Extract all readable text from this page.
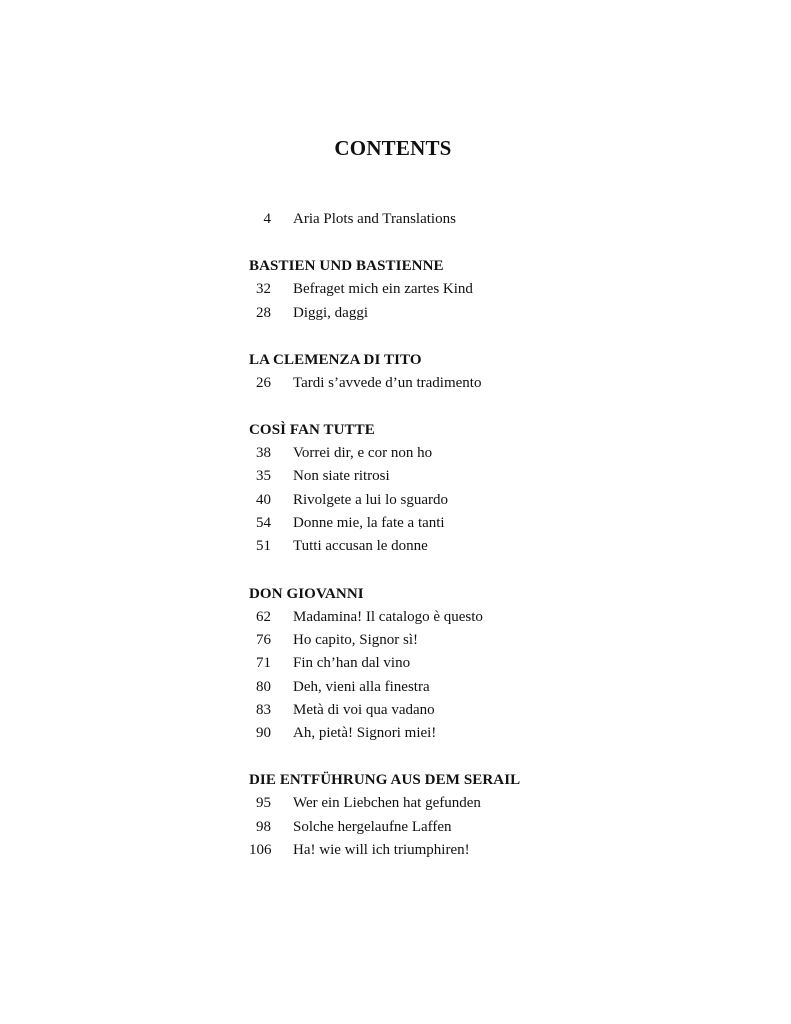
CONTENTS
4 Aria Plots and Translations
BASTIEN UND BASTIENNE
32 Befraget mich ein zartes Kind
28 Diggi, daggi
LA CLEMENZA DI TITO
26 Tardi s’avvede d’un tradimento
COSÌ FAN TUTTE
38 Vorrei dir, e cor non ho
35 Non siate ritrosi
40 Rivolgete a lui lo sguardo
54 Donne mie, la fate a tanti
51 Tutti accusan le donne
DON GIOVANNI
62 Madamina! Il catalogo è questo
76 Ho capito, Signor sì!
71 Fin ch’han dal vino
80 Deh, vieni alla finestra
83 Metà di voi qua vadano
90 Ah, pietà! Signori miei!
DIE ENTFÜHRUNG AUS DEM SERAIL
95 Wer ein Liebchen hat gefunden
98 Solche hergelaufne Laffen
106 Ha! wie will ich triumphiren!
